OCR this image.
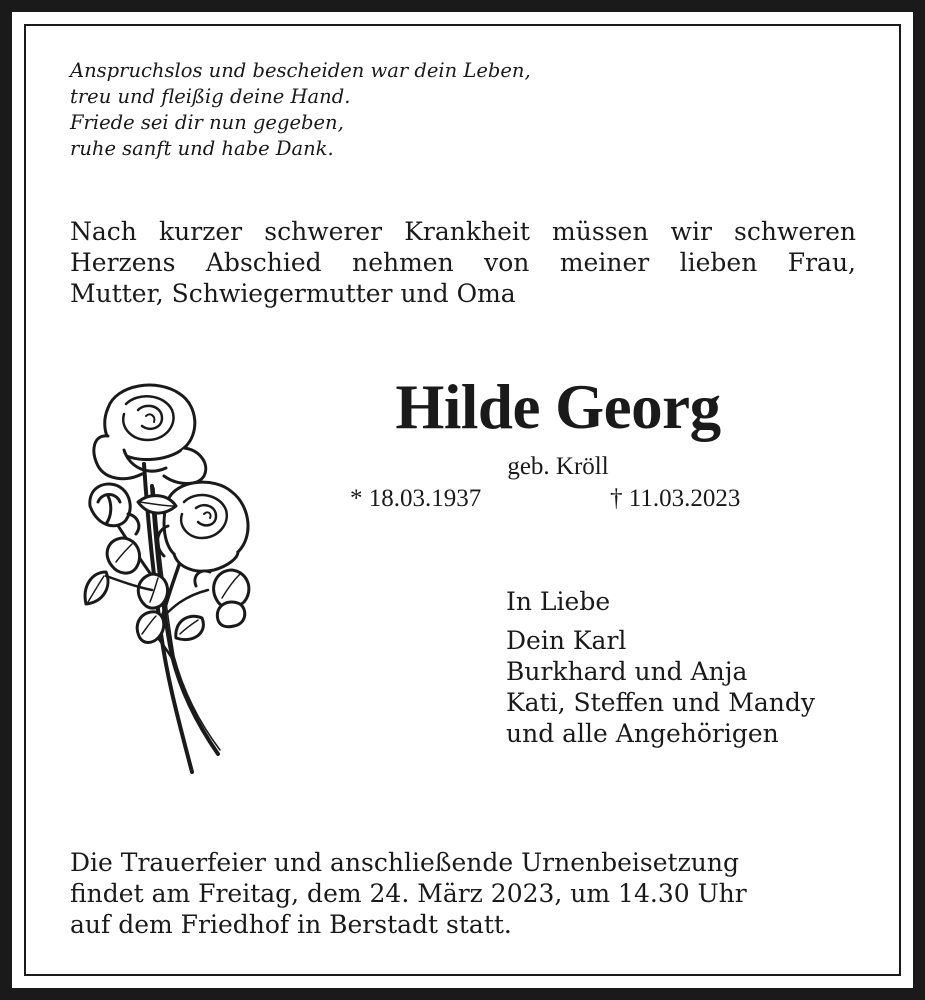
Anspruchslos und bescheiden war dein Leben,
treu und fleißig deine Hand.
Friede sei dir nun gegeben,
ruhe sanft und habe Dank.
Nach kurzer schwerer Krankheit müssen wir schweren
Herzens Abschied nehmen von meiner lieben Frau,
Mutter, Schwiegermutter und Oma
Hilde Georg
geb. Kröll
* 18.03.1937	† 11.03.2023
In Liebe
Dein Karl
Burkhard und Anja
Kati, Steffen und Mandy
und alle Angehörigen
Die Trauerfeier und anschließende Urnenbeisetzung
findet am Freitag, dem 24. März 2023, um 14.30 Uhr
auf dem Friedhof in Berstadt statt.
